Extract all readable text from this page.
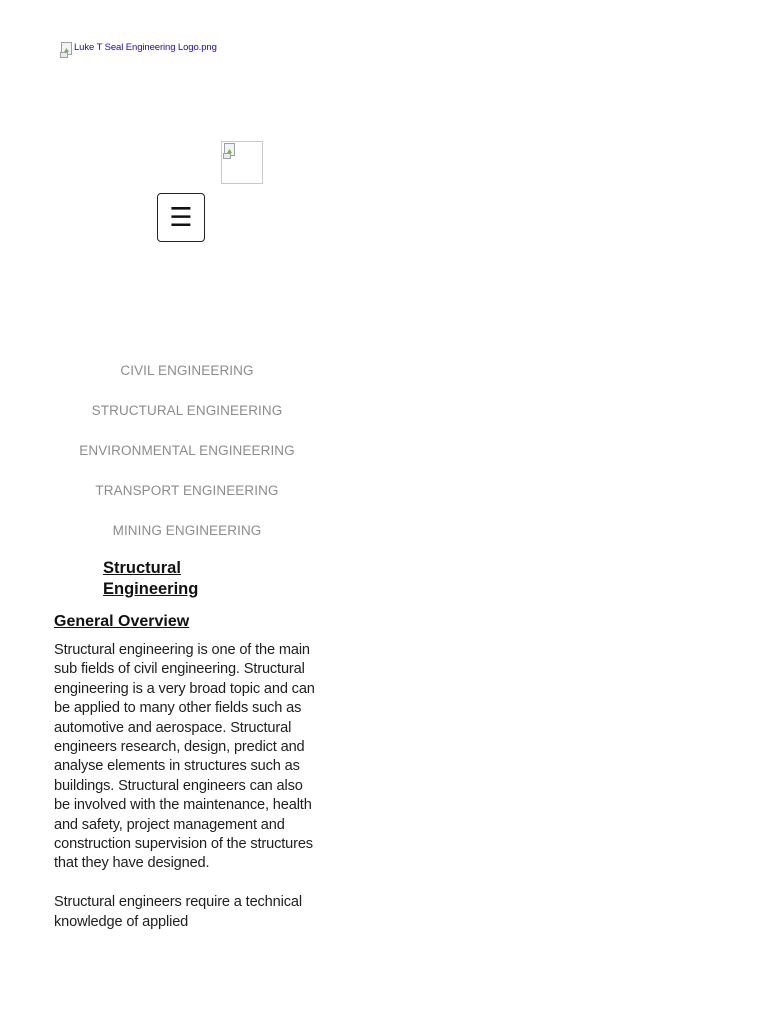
Luke T Seal Engineering Logo.png
☰
CIVIL ENGINEERING
STRUCTURAL ENGINEERING
ENVIRONMENTAL ENGINEERING
TRANSPORT ENGINEERING
MINING ENGINEERING
Structural Engineering
General Overview

Structural engineering is one of the main sub fields of civil engineering. Structural engineering is a very broad topic and can be applied to many other fields such as automotive and aerospace. Structural engineers research, design, predict and analyse elements in structures such as buildings. Structural engineers can also be involved with the maintenance, health and safety, project management and construction supervision of the structures that they have designed.

Structural engineers require a technical knowledge of applied
